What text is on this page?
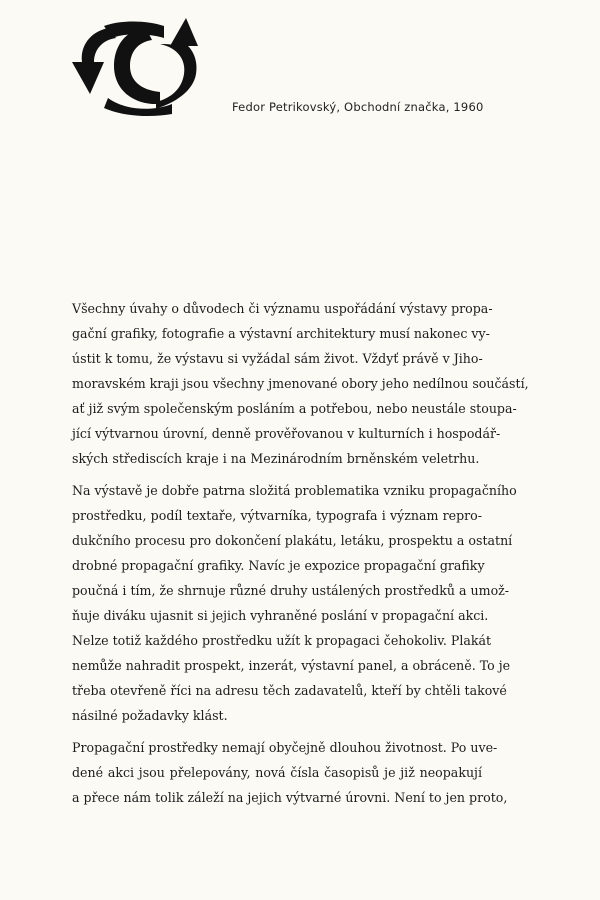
Fedor Petrikovský, Obchodní značka, 1960

Všechny úvahy o důvodech či významu uspořádání výstavy propa-
gační grafiky, fotografie a výstavní architektury musí nakonec vy-
ústit k tomu, že výstavu si vyžádal sám život. Vždyť právě v Jiho-
moravském kraji jsou všechny jmenované obory jeho nedílnou součástí,
ať již svým společenským posláním a potřebou, nebo neustále stoupa-
jící výtvarnou úrovní, denně prověřovanou v kulturních i hospodář-
ských střediscích kraje i na Mezinárodním brněnském veletrhu.

Na výstavě je dobře patrna složitá problematika vzniku propagačního
prostředku, podíl textaře, výtvarníka, typografa i význam repro-
dukčního procesu pro dokončení plakátu, letáku, prospektu a ostatní
drobné propagační grafiky. Navíc je expozice propagační grafiky
poučná i tím, že shrnuje různé druhy ustálených prostředků a umož-
ňuje diváku ujasnit si jejich vyhraněné poslání v propagační akci.
Nelze totiž každého prostředku užít k propagaci čehokoliv. Plakát
nemůže nahradit prospekt, inzerát, výstavní panel, a obráceně. To je
třeba otevřeně říci na adresu těch zadavatelů, kteří by chtěli takové
násilné požadavky klást.

Propagační prostředky nemají obyčejně dlouhou životnost. Po uve-
dené akci jsou přelepovány, nová čísla časopisů je již neopakují
a přece nám tolik záleží na jejich výtvarné úrovni. Není to jen proto,
